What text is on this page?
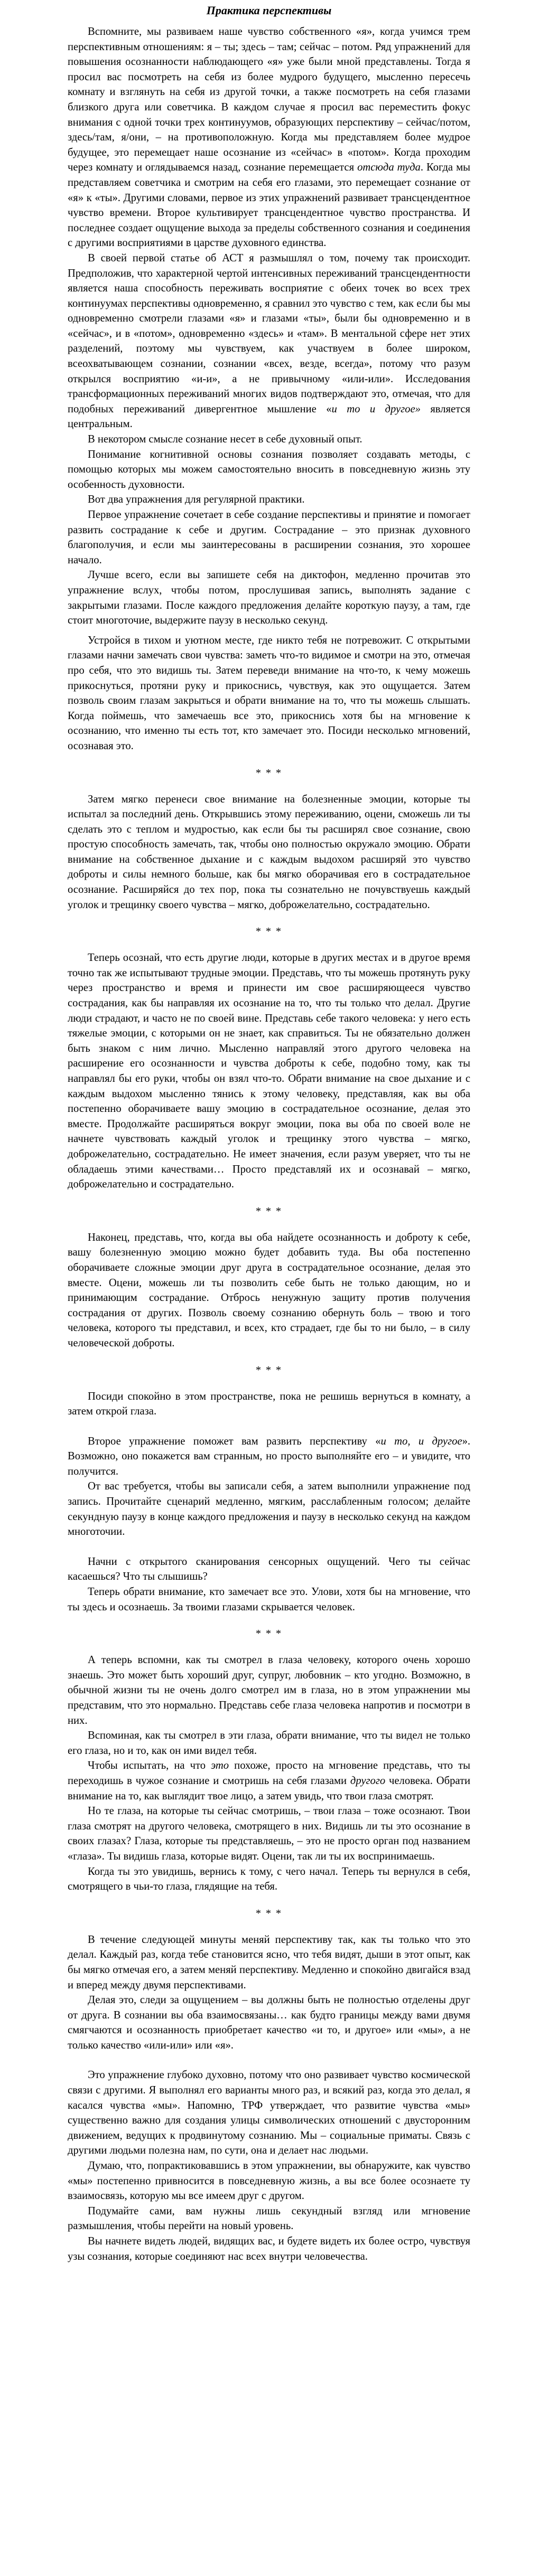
Практика перспективы

Вспомните, мы развиваем наше чувство собственного «я», когда учимся трем перспективным отношениям: я – ты; здесь – там; сейчас – потом. Ряд упражнений для повышения осознанности наблюдающего «я» уже были мной представлены. Тогда я просил вас посмотреть на себя из более мудрого будущего, мысленно пересечь комнату и взглянуть на себя из другой точки, а также посмотреть на себя глазами близкого друга или советчика. В каждом случае я просил вас переместить фокус внимания с одной точки трех континуумов, образующих перспективу – сейчас/потом, здесь/там, я/они, – на противоположную. Когда мы представляем более мудрое будущее, это перемещает наше осознание из «сейчас» в «потом». Когда проходим через комнату и оглядываемся назад, сознание перемещается отсюда туда. Когда мы представляем советчика и смотрим на себя его глазами, это перемещает сознание от «я» к «ты». Другими словами, первое из этих упражнений развивает трансцендентное чувство времени. Второе культивирует трансцендентное чувство пространства. И последнее создает ощущение выхода за пределы собственного сознания и соединения с другими восприятиями в царстве духовного единства.

В своей первой статье об АСТ я размышлял о том, почему так происходит. Предположив, что характерной чертой интенсивных переживаний трансцендентности является наша способность переживать восприятие с обеих точек во всех трех континуумах перспективы одновременно, я сравнил это чувство с тем, как если бы мы одновременно смотрели глазами «я» и глазами «ты», были бы одновременно и в «сейчас», и в «потом», одновременно «здесь» и «там». В ментальной сфере нет этих разделений, поэтому мы чувствуем, как участвуем в более широком, всеохватывающем сознании, сознании «всех, везде, всегда», потому что разум открылся восприятию «и-и», а не привычному «или-или». Исследования трансформационных переживаний многих видов подтверждают это, отмечая, что для подобных переживаний дивергентное мышление «и то и другое» является центральным.

В некотором смысле сознание несет в себе духовный опыт.

Понимание когнитивной основы сознания позволяет создавать методы, с помощью которых мы можем самостоятельно вносить в повседневную жизнь эту особенность духовности.

Вот два упражнения для регулярной практики.

Первое упражнение сочетает в себе создание перспективы и принятие и помогает развить сострадание к себе и другим. Сострадание – это признак духовного благополучия, и если мы заинтересованы в расширении сознания, это хорошее начало.

Лучше всего, если вы запишете себя на диктофон, медленно прочитав это упражнение вслух, чтобы потом, прослушивая запись, выполнять задание с закрытыми глазами. После каждого предложения делайте короткую паузу, а там, где стоит многоточие, выдержите паузу в несколько секунд.

Устройся в тихом и уютном месте, где никто тебя не потревожит. С открытыми глазами начни замечать свои чувства: заметь что-то видимое и смотри на это, отмечая про себя, что это видишь ты. Затем переведи внимание на что-то, к чему можешь прикоснуться, протяни руку и прикоснись, чувствуя, как это ощущается. Затем позволь своим глазам закрыться и обрати внимание на то, что ты можешь слышать. Когда поймешь, что замечаешь все это, прикоснись хотя бы на мгновение к осознанию, что именно ты есть тот, кто замечает это. Посиди несколько мгновений, осознавая это.

* * *

Затем мягко перенеси свое внимание на болезненные эмоции, которые ты испытал за последний день. Открывшись этому переживанию, оцени, сможешь ли ты сделать это с теплом и мудростью, как если бы ты расширял свое сознание, свою простую способность замечать, так, чтобы оно полностью окружало эмоцию. Обрати внимание на собственное дыхание и с каждым выдохом расширяй это чувство доброты и силы немного больше, как бы мягко оборачивая его в сострадательное осознание. Расширяйся до тех пор, пока ты сознательно не почувствуешь каждый уголок и трещинку своего чувства – мягко, доброжелательно, сострадательно.

* * *

Теперь осознай, что есть другие люди, которые в других местах и в другое время точно так же испытывают трудные эмоции. Представь, что ты можешь протянуть руку через пространство и время и принести им свое расширяющееся чувство сострадания, как бы направляя их осознание на то, что ты только что делал. Другие люди страдают, и часто не по своей вине. Представь себе такого человека: у него есть тяжелые эмоции, с которыми он не знает, как справиться. Ты не обязательно должен быть знаком с ним лично. Мысленно направляй этого другого человека на расширение его осознанности и чувства доброты к себе, подобно тому, как ты направлял бы его руки, чтобы он взял что-то. Обрати внимание на свое дыхание и с каждым выдохом мысленно тянись к этому человеку, представляя, как вы оба постепенно оборачиваете вашу эмоцию в сострадательное осознание, делая это вместе. Продолжайте расширяться вокруг эмоции, пока вы оба по своей воле не начнете чувствовать каждый уголок и трещинку этого чувства – мягко, доброжелательно, сострадательно. Не имеет значения, если разум уверяет, что ты не обладаешь этими качествами… Просто представляй их и осознавай – мягко, доброжелательно и сострадательно.

* * *

Наконец, представь, что, когда вы оба найдете осознанность и доброту к себе, вашу болезненную эмоцию можно будет добавить туда. Вы оба постепенно оборачиваете сложные эмоции друг друга в сострадательное осознание, делая это вместе. Оцени, можешь ли ты позволить себе быть не только дающим, но и принимающим сострадание. Отбрось ненужную защиту против получения сострадания от других. Позволь своему сознанию обернуть боль – твою и того человека, которого ты представил, и всех, кто страдает, где бы то ни было, – в силу человеческой доброты.

* * *

Посиди спокойно в этом пространстве, пока не решишь вернуться в комнату, а затем открой глаза.

Второе упражнение поможет вам развить перспективу «и то, и другое». Возможно, оно покажется вам странным, но просто выполняйте его – и увидите, что получится.

От вас требуется, чтобы вы записали себя, а затем выполнили упражнение под запись. Прочитайте сценарий медленно, мягким, расслабленным голосом; делайте секундную паузу в конце каждого предложения и паузу в несколько секунд на каждом многоточии.

Начни с открытого сканирования сенсорных ощущений. Чего ты сейчас касаешься? Что ты слышишь?

Теперь обрати внимание, кто замечает все это. Улови, хотя бы на мгновение, что ты здесь и осознаешь. За твоими глазами скрывается человек.

* * *

А теперь вспомни, как ты смотрел в глаза человеку, которого очень хорошо знаешь. Это может быть хороший друг, супруг, любовник – кто угодно. Возможно, в обычной жизни ты не очень долго смотрел им в глаза, но в этом упражнении мы представим, что это нормально. Представь себе глаза человека напротив и посмотри в них.

Вспоминая, как ты смотрел в эти глаза, обрати внимание, что ты видел не только его глаза, но и то, как он ими видел тебя.

Чтобы испытать, на что это похоже, просто на мгновение представь, что ты переходишь в чужое сознание и смотришь на себя глазами другого человека. Обрати внимание на то, как выглядит твое лицо, а затем увидь, что твои глаза смотрят.

Но те глаза, на которые ты сейчас смотришь, – твои глаза – тоже осознают. Твои глаза смотрят на другого человека, смотрящего в них. Видишь ли ты это осознание в своих глазах? Глаза, которые ты представляешь, – это не просто орган под названием «глаза». Ты видишь глаза, которые видят. Оцени, так ли ты их воспринимаешь.

Когда ты это увидишь, вернись к тому, с чего начал. Теперь ты вернулся в себя, смотрящего в чьи-то глаза, глядящие на тебя.

* * *

В течение следующей минуты меняй перспективу так, как ты только что это делал. Каждый раз, когда тебе становится ясно, что тебя видят, дыши в этот опыт, как бы мягко отмечая его, а затем меняй перспективу. Медленно и спокойно двигайся взад и вперед между двумя перспективами.

Делая это, следи за ощущением – вы должны быть не полностью отделены друг от друга. В сознании вы оба взаимосвязаны… как будто границы между вами двумя смягчаются и осознанность приобретает качество «и то, и другое» или «мы», а не только качество «или-или» или «я».

Это упражнение глубоко духовно, потому что оно развивает чувство космической связи с другими. Я выполнял его варианты много раз, и всякий раз, когда это делал, я касался чувства «мы». Напомню, ТРФ утверждает, что развитие чувства «мы» существенно важно для создания улицы символических отношений с двусторонним движением, ведущих к продвинутому сознанию. Мы – социальные приматы. Связь с другими людьми полезна нам, по сути, она и делает нас людьми.

Думаю, что, попрактиковавшись в этом упражнении, вы обнаружите, как чувство «мы» постепенно привносится в повседневную жизнь, а вы все более осознаете ту взаимосвязь, которую мы все имеем друг с другом.

Подумайте сами, вам нужны лишь секундный взгляд или мгновение размышления, чтобы перейти на новый уровень.

Вы начнете видеть людей, видящих вас, и будете видеть их более остро, чувствуя узы сознания, которые соединяют нас всех внутри человечества.
